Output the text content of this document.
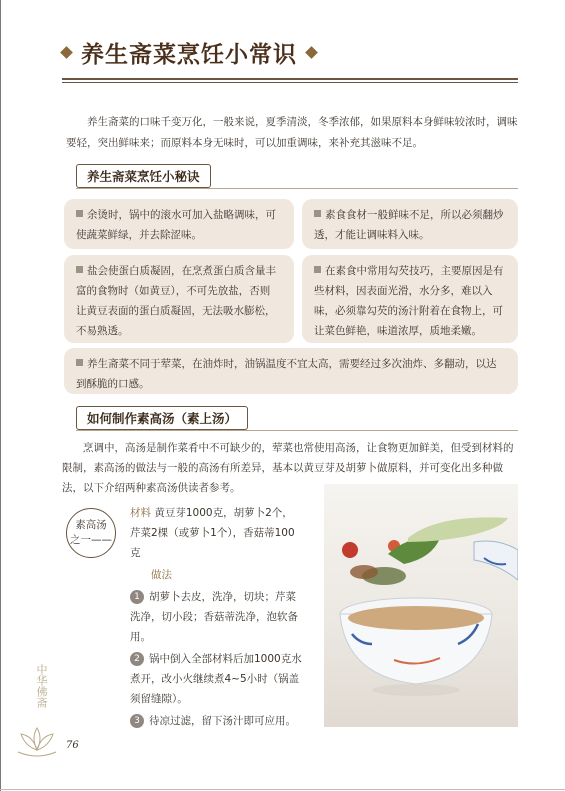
养生斋菜烹饪小常识

养生斋菜的口味千变万化，一般来说，夏季清淡，冬季浓郁，如果原料本身鲜味较浓时，调味要轻，突出鲜味来；而原料本身无味时，可以加重调味，来补充其滋味不足。

养生斋菜烹饪小秘诀
余烫时，锅中的滚水可加入盐略调味，可使蔬菜鲜绿，并去除涩味。
素食食材一般鲜味不足，所以必须翻炒透，才能让调味料入味。
盐会使蛋白质凝固，在烹煮蛋白质含量丰富的食物时（如黄豆），不可先放盐，否则让黄豆表面的蛋白质凝固，无法吸水膨松，不易熟透。
在素食中常用勾芡技巧，主要原因是有些材料，因表面光滑，水分多，难以入味，必须靠勾芡的汤汁附着在食物上，可让菜色鲜艳，味道浓厚，质地柔嫩。
养生斋菜不同于荤菜，在油炸时，油锅温度不宜太高，需要经过多次油炸、多翻动，以达到酥脆的口感。
如何制作素高汤（素上汤）

烹调中，高汤是制作菜肴中不可缺少的，荤菜也常使用高汤，让食物更加鲜美，但受到材料的限制，素高汤的做法与一般的高汤有所差异，基本以黄豆芽及胡萝卜做原料，并可变化出多种做法，以下介绍两种素高汤供读者参考。

素高汤
之一——

材料 黄豆芽1000克，胡萝卜2个，芹菜2棵（或萝卜1个），香菇蒂100克

做法

1 胡萝卜去皮，洗净，切块；芹菜洗净，切小段；香菇蒂洗净，泡软备用。

2 锅中倒入全部材料后加1000克水煮开，改小火继续煮4~5小时（锅盖须留缝隙）。

3 待凉过滤，留下汤汁即可应用。

中华佛斋
76
